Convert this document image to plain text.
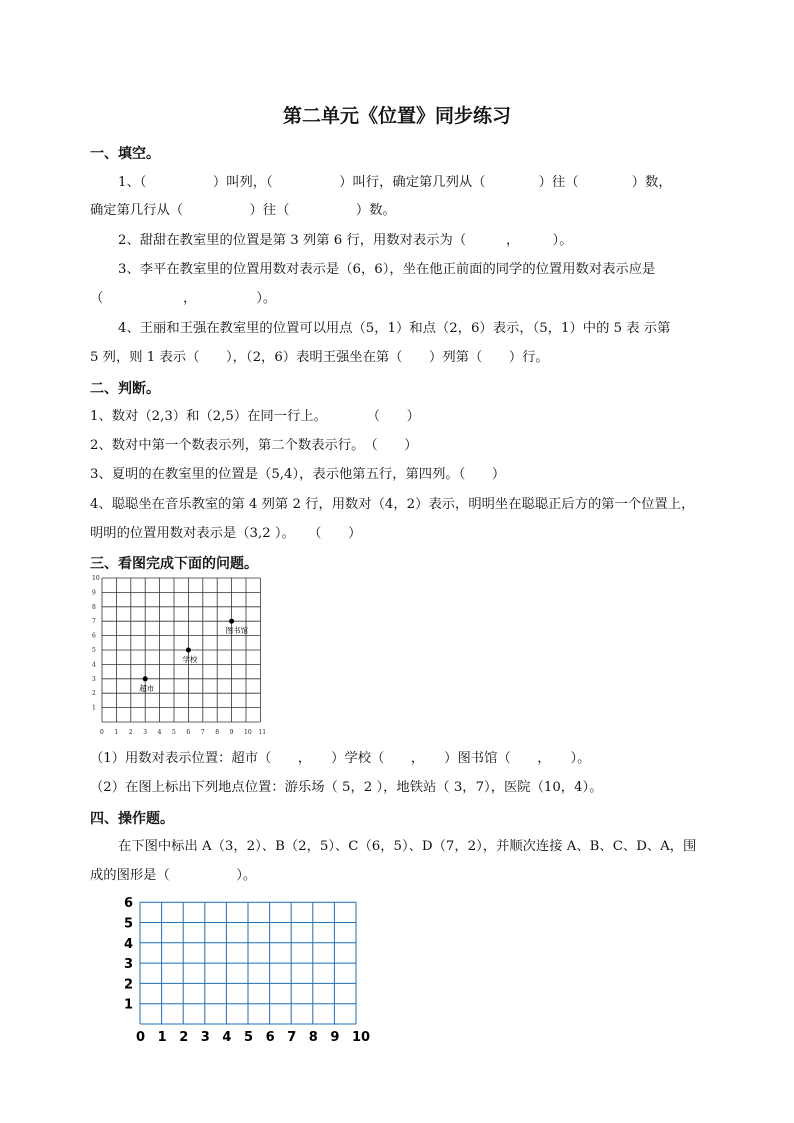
第二单元《位置》同步练习
一、填空。
1、（　　　　　）叫列，（　　　　　）叫行，确定第几列从（　　　　）往（　　　　）数，
确定第几行从（　　　　　）往（　　　　　）数。
2、甜甜在教室里的位置是第 3 列第 6 行，用数对表示为（　　　，　　　）。
3、李平在教室里的位置用数对表示是（6，6），坐在他正前面的同学的位置用数对表示应是
（　　　　　　，　　　　　）。
4、王丽和王强在教室里的位置可以用点（5，1）和点（2，6）表示，（5，1）中的 5 表 示第
5 列，则 1 表示（　　），（2，6）表明王强坐在第（　　）列第（　　）行。
二、判断。
1、数对（2,3）和（2,5）在同一行上。　　　　（　　）
2、数对中第一个数表示列，第二个数表示行。　（　　）
3、夏明的在教室里的位置是（5,4），表示他第五行，第四列。（　　）
4、聪聪坐在音乐教室的第 4 列第 2 行，用数对（4，2）表示，明明坐在聪聪正后方的第一个位置上，
明明的位置用数对表示是（3,2 ）。　　（　　）
三、看图完成下面的问题。
0 1 2 3 4 5 6 7 8 9 10 11
1
2
3
4
5
6
7
8
9
10
超市
学校
图书馆
（1）用数对表示位置：超市（　　，　　）学校（　　，　　）图书馆（　　，　　）。
（2）在图上标出下列地点位置：游乐场（ 5，2 ），地铁站（ 3，7），医院（10，4）。
四、操作题。
在下图中标出 A（3，2）、B（2，5）、C（6，5）、D（7，2），并顺次连接 A、B、C、D、A，围
成的图形是（　　　　　）。
0 1 2 3 4 5 6 7 8 9 10
1
2
3
4
5
6
